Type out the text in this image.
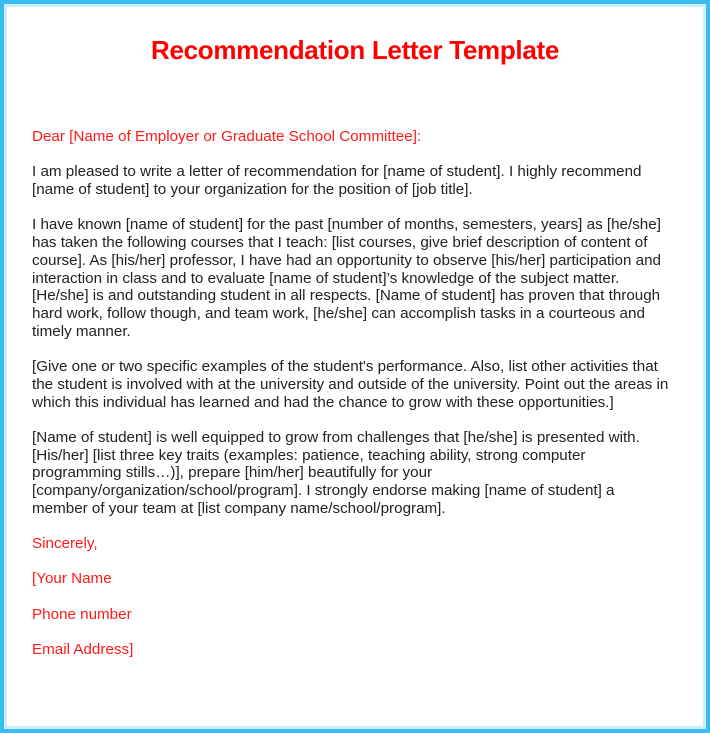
Recommendation Letter Template

Dear [Name of Employer or Graduate School Committee]:

I am pleased to write a letter of recommendation for [name of student]. I highly recommend [name of student] to your organization for the position of [job title].

I have known [name of student] for the past [number of months, semesters, years] as [he/she] has taken the following courses that I teach: [list courses, give brief description of content of course]. As [his/her] professor, I have had an opportunity to observe [his/her] participation and interaction in class and to evaluate [name of student]’s knowledge of the subject matter. [He/she] is and outstanding student in all respects. [Name of student] has proven that through hard work, follow though, and team work, [he/she] can accomplish tasks in a courteous and timely manner.

[Give one or two specific examples of the student's performance. Also, list other activities that the student is involved with at the university and outside of the university. Point out the areas in which this individual has learned and had the chance to grow with these opportunities.]

[Name of student] is well equipped to grow from challenges that [he/she] is presented with. [His/her] [list three key traits (examples: patience, teaching ability, strong computer programming stills…)], prepare [him/her] beautifully for your [company/organization/school/program]. I strongly endorse making [name of student] a member of your team at [list company name/school/program].

Sincerely,

[Your Name

Phone number

Email Address]
